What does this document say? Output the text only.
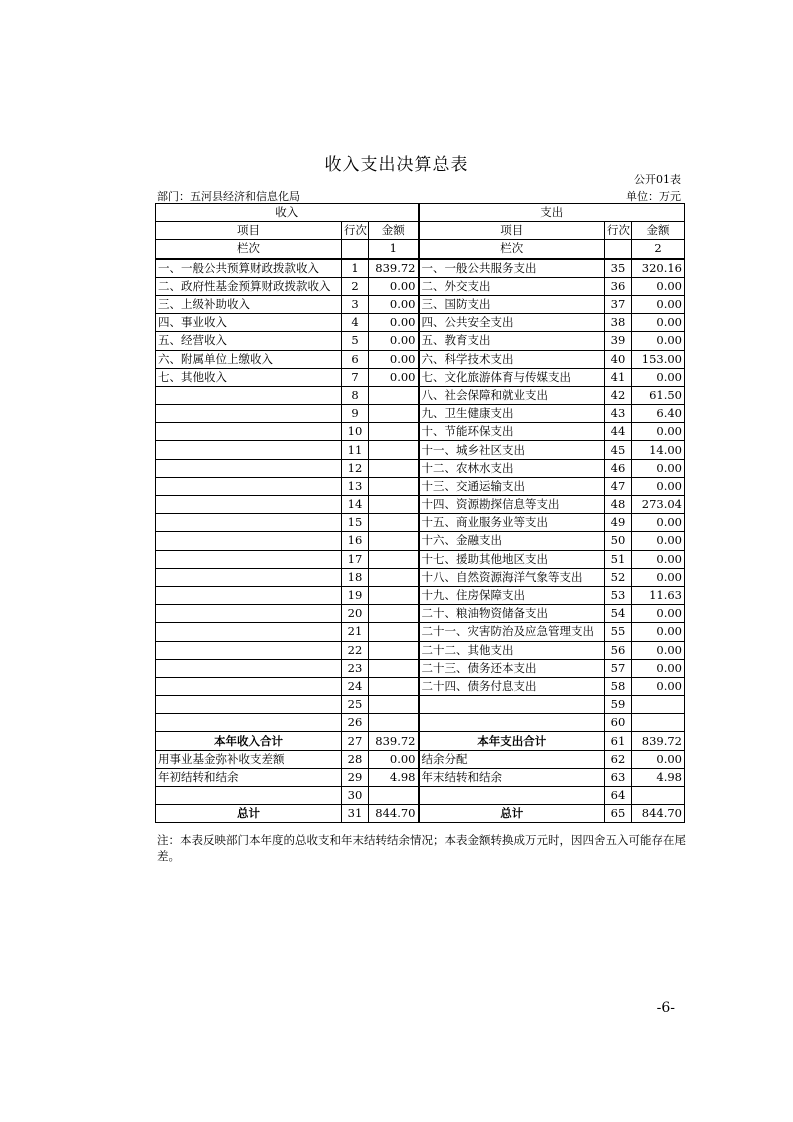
收入支出决算总表
公开01表
部门：五河县经济和信息化局	单位：万元
收入			支出		
项目	行次	金额	项目	行次	金额
栏次		1	栏次		2
一、一般公共预算财政拨款收入	1	839.72	一、一般公共服务支出	35	320.16
二、政府性基金预算财政拨款收入	2	0.00	二、外交支出	36	0.00
三、上级补助收入	3	0.00	三、国防支出	37	0.00
四、事业收入	4	0.00	四、公共安全支出	38	0.00
五、经营收入	5	0.00	五、教育支出	39	0.00
六、附属单位上缴收入	6	0.00	六、科学技术支出	40	153.00
七、其他收入	7	0.00	七、文化旅游体育与传媒支出	41	0.00
	8		八、社会保障和就业支出	42	61.50
	9		九、卫生健康支出	43	6.40
	10		十、节能环保支出	44	0.00
	11		十一、城乡社区支出	45	14.00
	12		十二、农林水支出	46	0.00
	13		十三、交通运输支出	47	0.00
	14		十四、资源勘探信息等支出	48	273.04
	15		十五、商业服务业等支出	49	0.00
	16		十六、金融支出	50	0.00
	17		十七、援助其他地区支出	51	0.00
	18		十八、自然资源海洋气象等支出	52	0.00
	19		十九、住房保障支出	53	11.63
	20		二十、粮油物资储备支出	54	0.00
	21		二十一、灾害防治及应急管理支出	55	0.00
	22		二十二、其他支出	56	0.00
	23		二十三、债务还本支出	57	0.00
	24		二十四、债务付息支出	58	0.00
	25			59	
	26			60	
本年收入合计	27	839.72	本年支出合计	61	839.72
用事业基金弥补收支差额	28	0.00	结余分配	62	0.00
年初结转和结余	29	4.98	年末结转和结余	63	4.98
	30			64	
总计	31	844.70	总计	65	844.70
注：本表反映部门本年度的总收支和年末结转结余情况；本表金额转换成万元时，因四舍五入可能存在尾差。
-6-
